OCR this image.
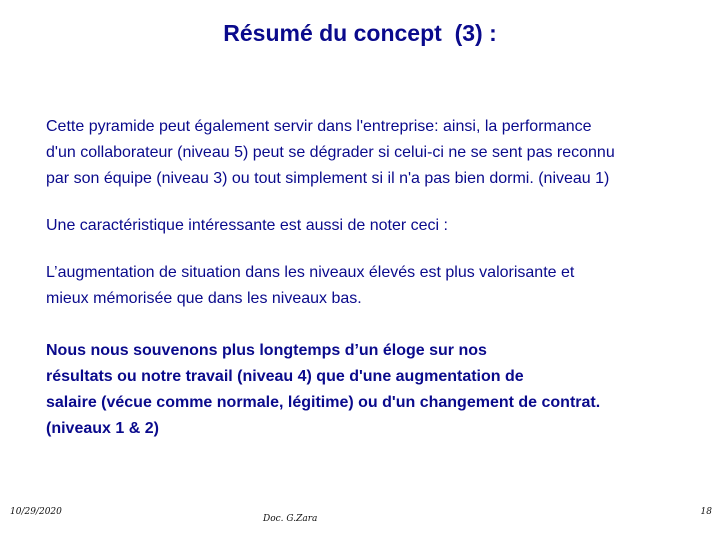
Résumé du concept  (3) :

Cette pyramide peut également servir dans l'entreprise: ainsi, la performance
d'un collaborateur (niveau 5) peut se dégrader si celui-ci ne se sent pas reconnu
par son équipe (niveau 3) ou tout simplement si il n'a pas bien dormi. (niveau 1)

Une caractéristique intéressante est aussi de noter ceci :

L’augmentation de situation dans les niveaux élevés est plus valorisante et
mieux mémorisée que dans les niveaux bas.

Nous nous souvenons plus longtemps d’un éloge sur nos
résultats ou notre travail (niveau 4) que d'une augmentation de
salaire (vécue comme normale, légitime) ou d'un changement de contrat.
(niveaux 1 & 2)

10/29/2020
Doc. G.Zara
18
